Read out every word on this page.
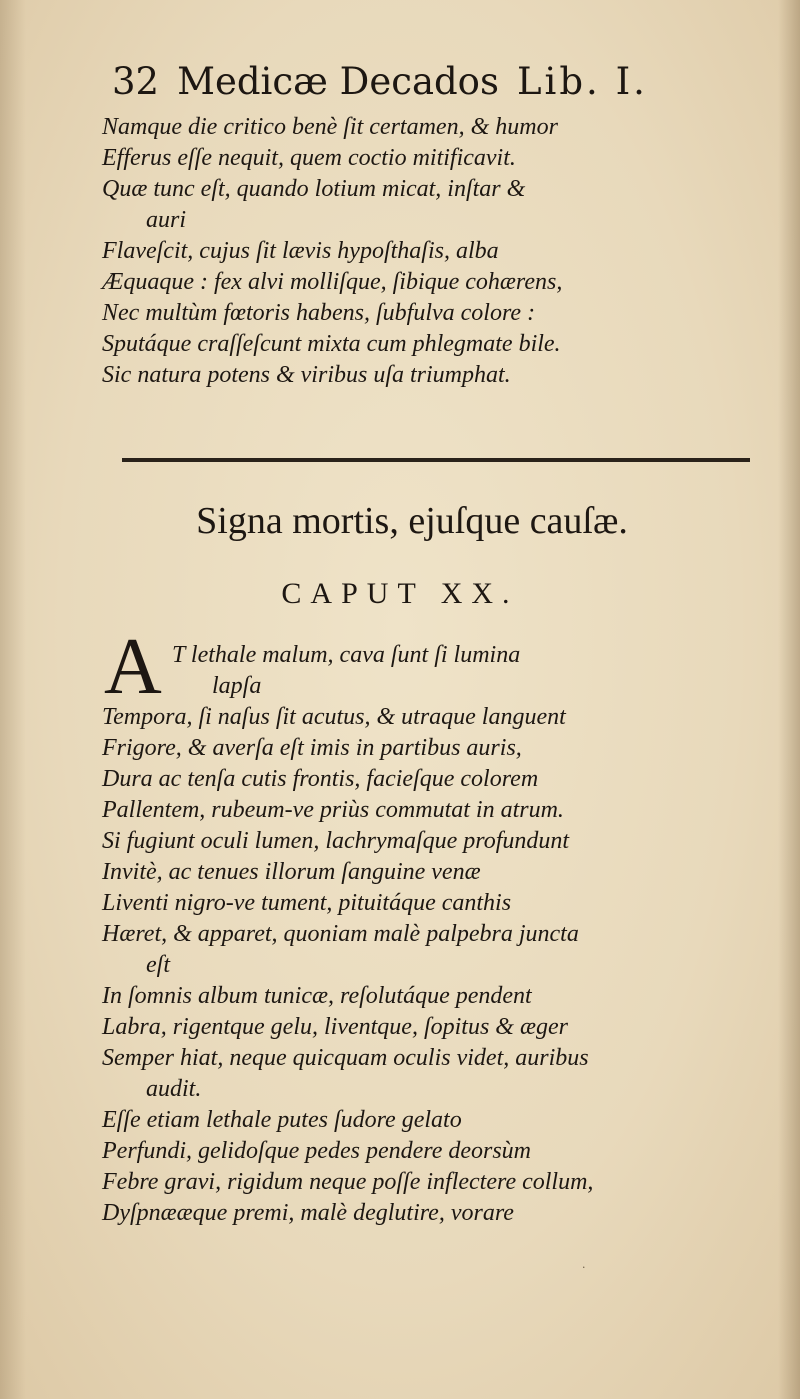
32 Medicæ Decados Lib. I.
Namque die critico benè ſit certamen, & humor
Efferus eſſe nequit, quem coctio mitificavit.
Quæ tunc eſt, quando lotium micat, inſtar &
auri
Flaveſcit, cujus ſit lævis hypoſthaſis, alba
Æquaque : fex alvi molliſque, ſibique cohærens,
Nec multùm fœtoris habens, ſubfulva colore :
Sputáque craſſeſcunt mixta cum phlegmate bile.
Sic natura potens & viribus uſa triumphat.
Signa mortis, ejuſque cauſæ.
CAPUT XX.
A T lethale malum, cava ſunt ſi lumina
lapſa
Tempora, ſi naſus ſit acutus, & utraque languent
Frigore, & averſa eſt imis in partibus auris,
Dura ac tenſa cutis frontis, facieſque colorem
Pallentem, rubeum-ve priùs commutat in atrum.
Si fugiunt oculi lumen, lachrymaſque profundunt
Invitè, ac tenues illorum ſanguine venæ
Liventi nigro-ve tument, pituitáque canthis
Hæret, & apparet, quoniam malè palpebra juncta
eſt
In ſomnis album tunicæ, reſolutáque pendent
Labra, rigentque gelu, liventque, ſopitus & æger
Semper hiat, neque quicquam oculis videt, auribus
audit.
Eſſe etiam lethale putes ſudore gelato
Perfundi, gelidoſque pedes pendere deorsùm
Febre gravi, rigidum neque poſſe inflectere collum,
Dyſpnææque premi, malè deglutire, vorare
·
